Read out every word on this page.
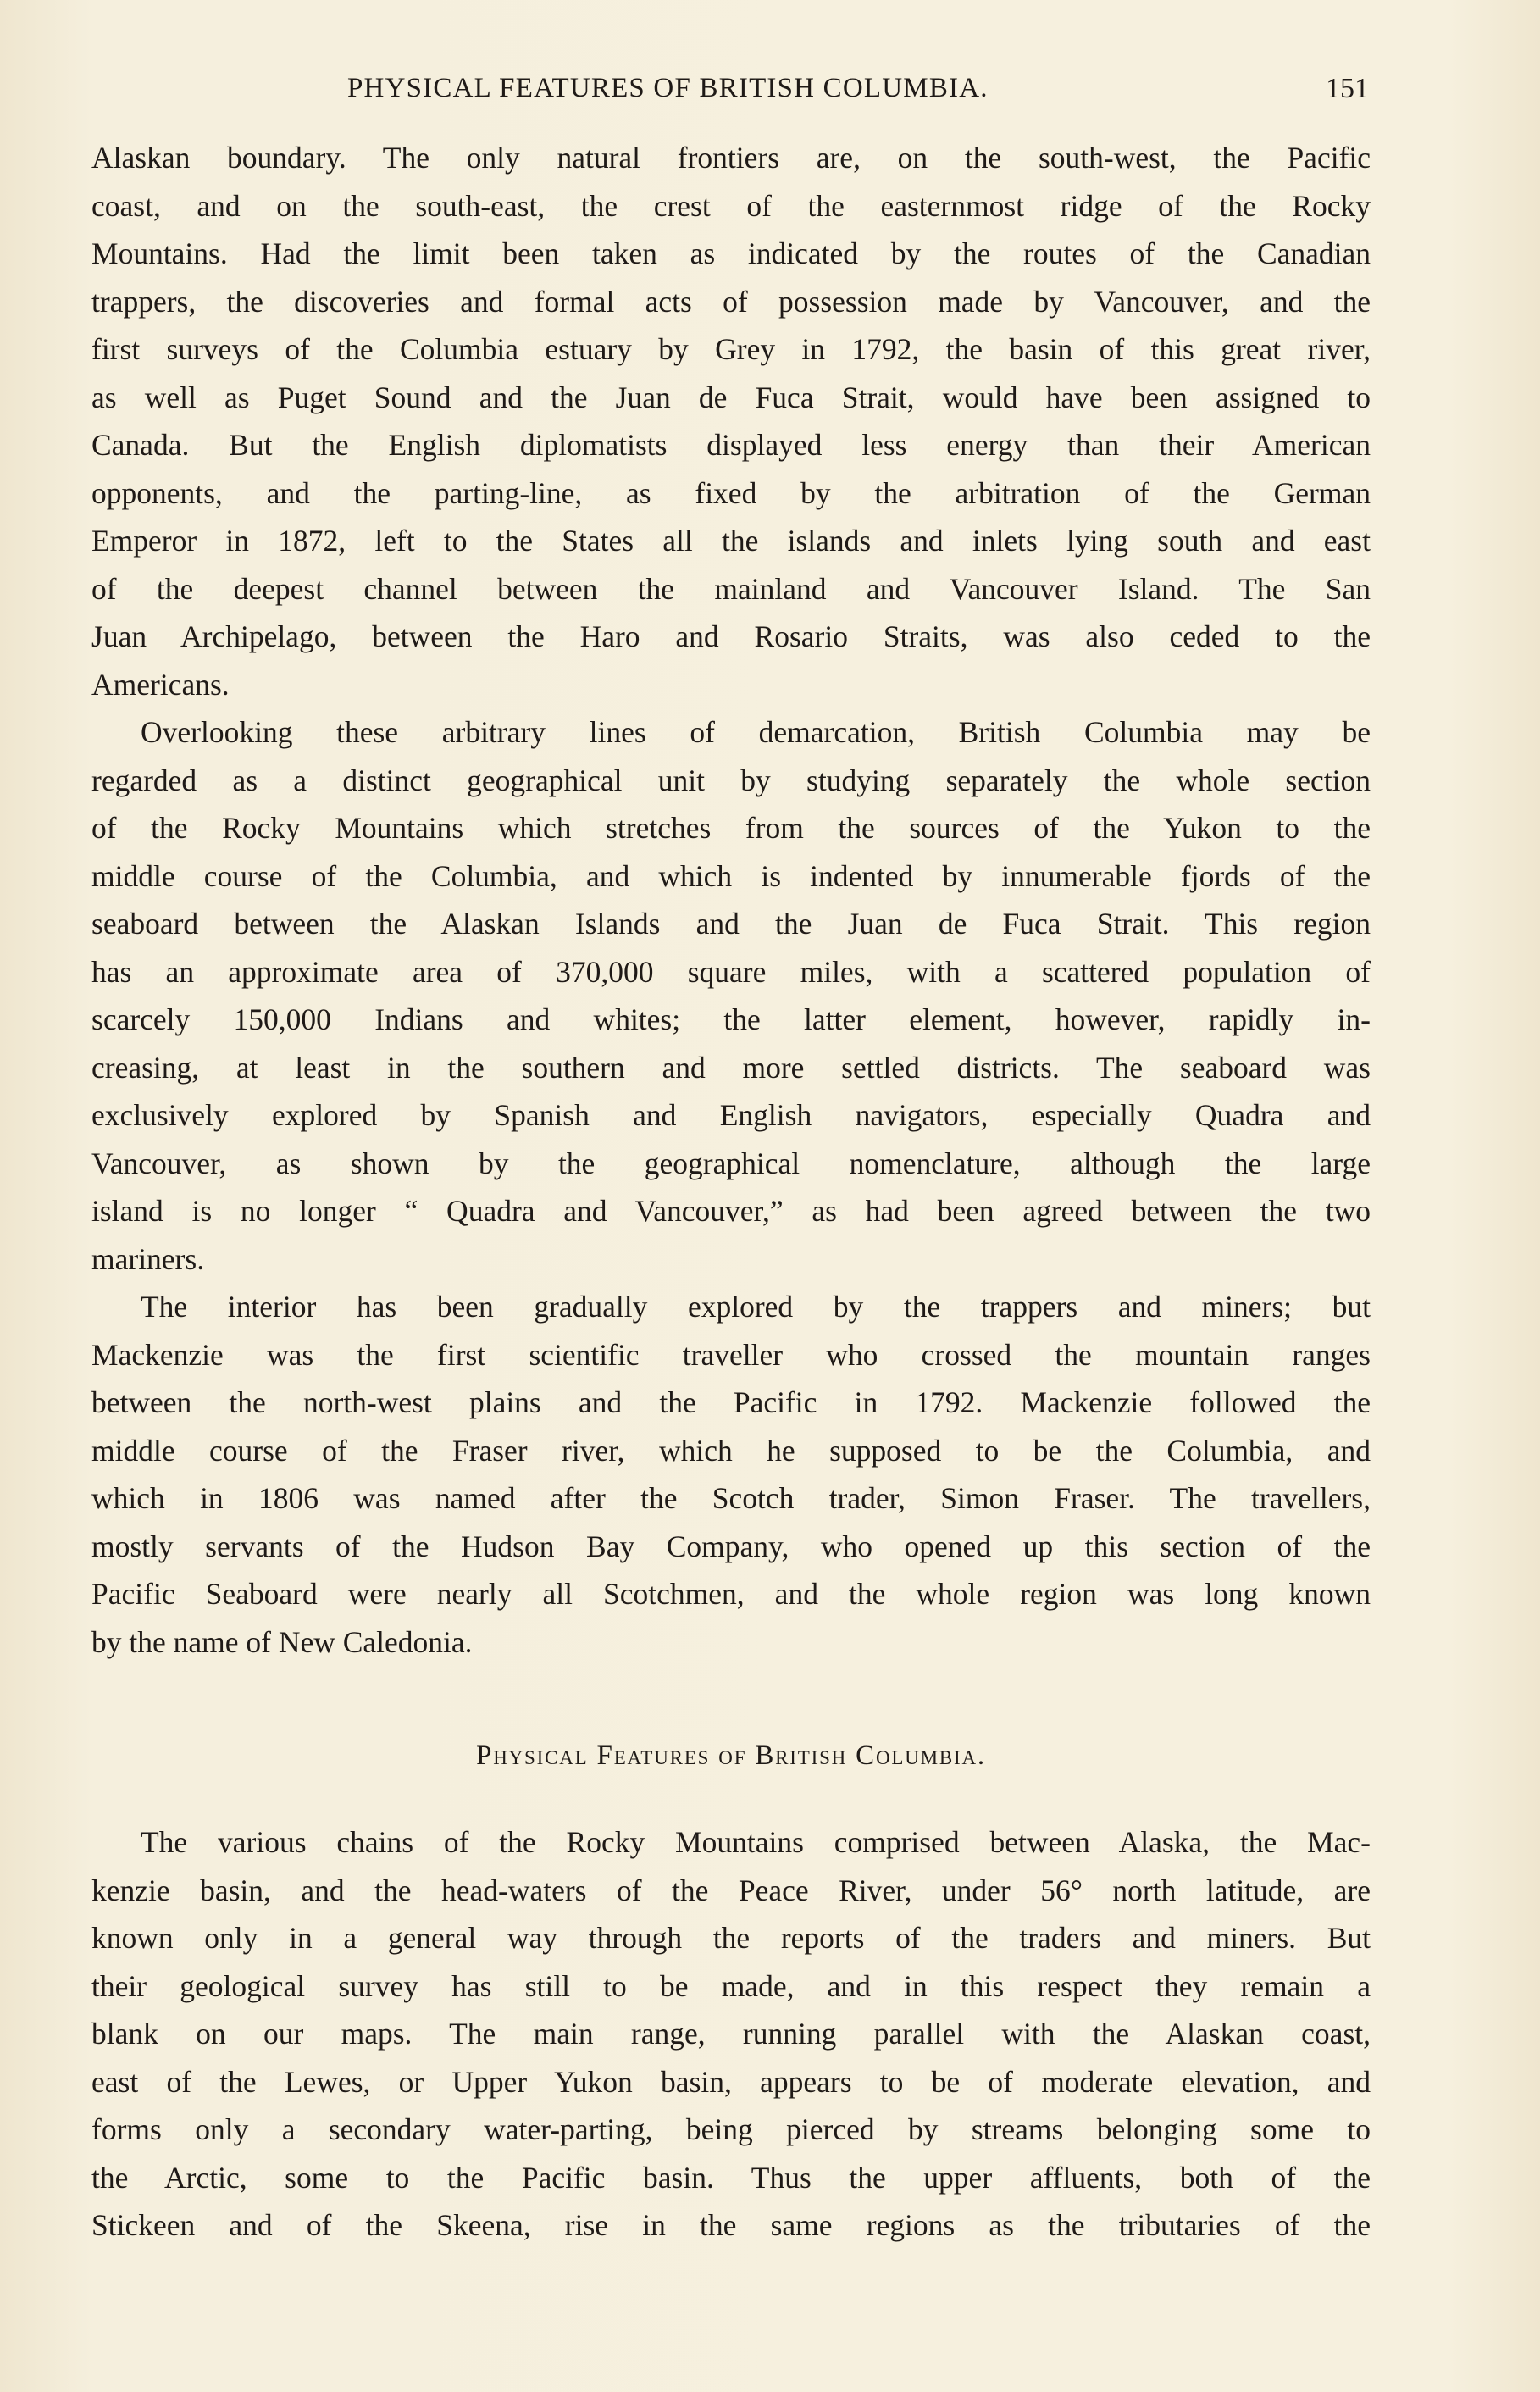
PHYSICAL FEATURES OF BRITISH COLUMBIA.	151
Alaskan boundary. The only natural frontiers are, on the south-west, the Pacific
coast, and on the south-east, the crest of the easternmost ridge of the Rocky
Mountains. Had the limit been taken as indicated by the routes of the Canadian
trappers, the discoveries and formal acts of possession made by Vancouver, and the
first surveys of the Columbia estuary by Grey in 1792, the basin of this great river,
as well as Puget Sound and the Juan de Fuca Strait, would have been assigned to
Canada. But the English diplomatists displayed less energy than their American
opponents, and the parting-line, as fixed by the arbitration of the German
Emperor in 1872, left to the States all the islands and inlets lying south and east
of the deepest channel between the mainland and Vancouver Island. The San
Juan Archipelago, between the Haro and Rosario Straits, was also ceded to the
Americans.
Overlooking these arbitrary lines of demarcation, British Columbia may be
regarded as a distinct geographical unit by studying separately the whole section
of the Rocky Mountains which stretches from the sources of the Yukon to the
middle course of the Columbia, and which is indented by innumerable fjords of the
seaboard between the Alaskan Islands and the Juan de Fuca Strait. This region
has an approximate area of 370,000 square miles, with a scattered population of
scarcely 150,000 Indians and whites; the latter element, however, rapidly in-
creasing, at least in the southern and more settled districts. The seaboard was
exclusively explored by Spanish and English navigators, especially Quadra and
Vancouver, as shown by the geographical nomenclature, although the large
island is no longer “ Quadra and Vancouver,” as had been agreed between the two
mariners.
The interior has been gradually explored by the trappers and miners; but
Mackenzie was the first scientific traveller who crossed the mountain ranges
between the north-west plains and the Pacific in 1792. Mackenzie followed the
middle course of the Fraser river, which he supposed to be the Columbia, and
which in 1806 was named after the Scotch trader, Simon Fraser. The travellers,
mostly servants of the Hudson Bay Company, who opened up this section of the
Pacific Seaboard were nearly all Scotchmen, and the whole region was long known
by the name of New Caledonia.
Physical Features of British Columbia.
The various chains of the Rocky Mountains comprised between Alaska, the Mac-
kenzie basin, and the head-waters of the Peace River, under 56° north latitude, are
known only in a general way through the reports of the traders and miners. But
their geological survey has still to be made, and in this respect they remain a
blank on our maps. The main range, running parallel with the Alaskan coast,
east of the Lewes, or Upper Yukon basin, appears to be of moderate elevation, and
forms only a secondary water-parting, being pierced by streams belonging some to
the Arctic, some to the Pacific basin. Thus the upper affluents, both of the
Stickeen and of the Skeena, rise in the same regions as the tributaries of the
